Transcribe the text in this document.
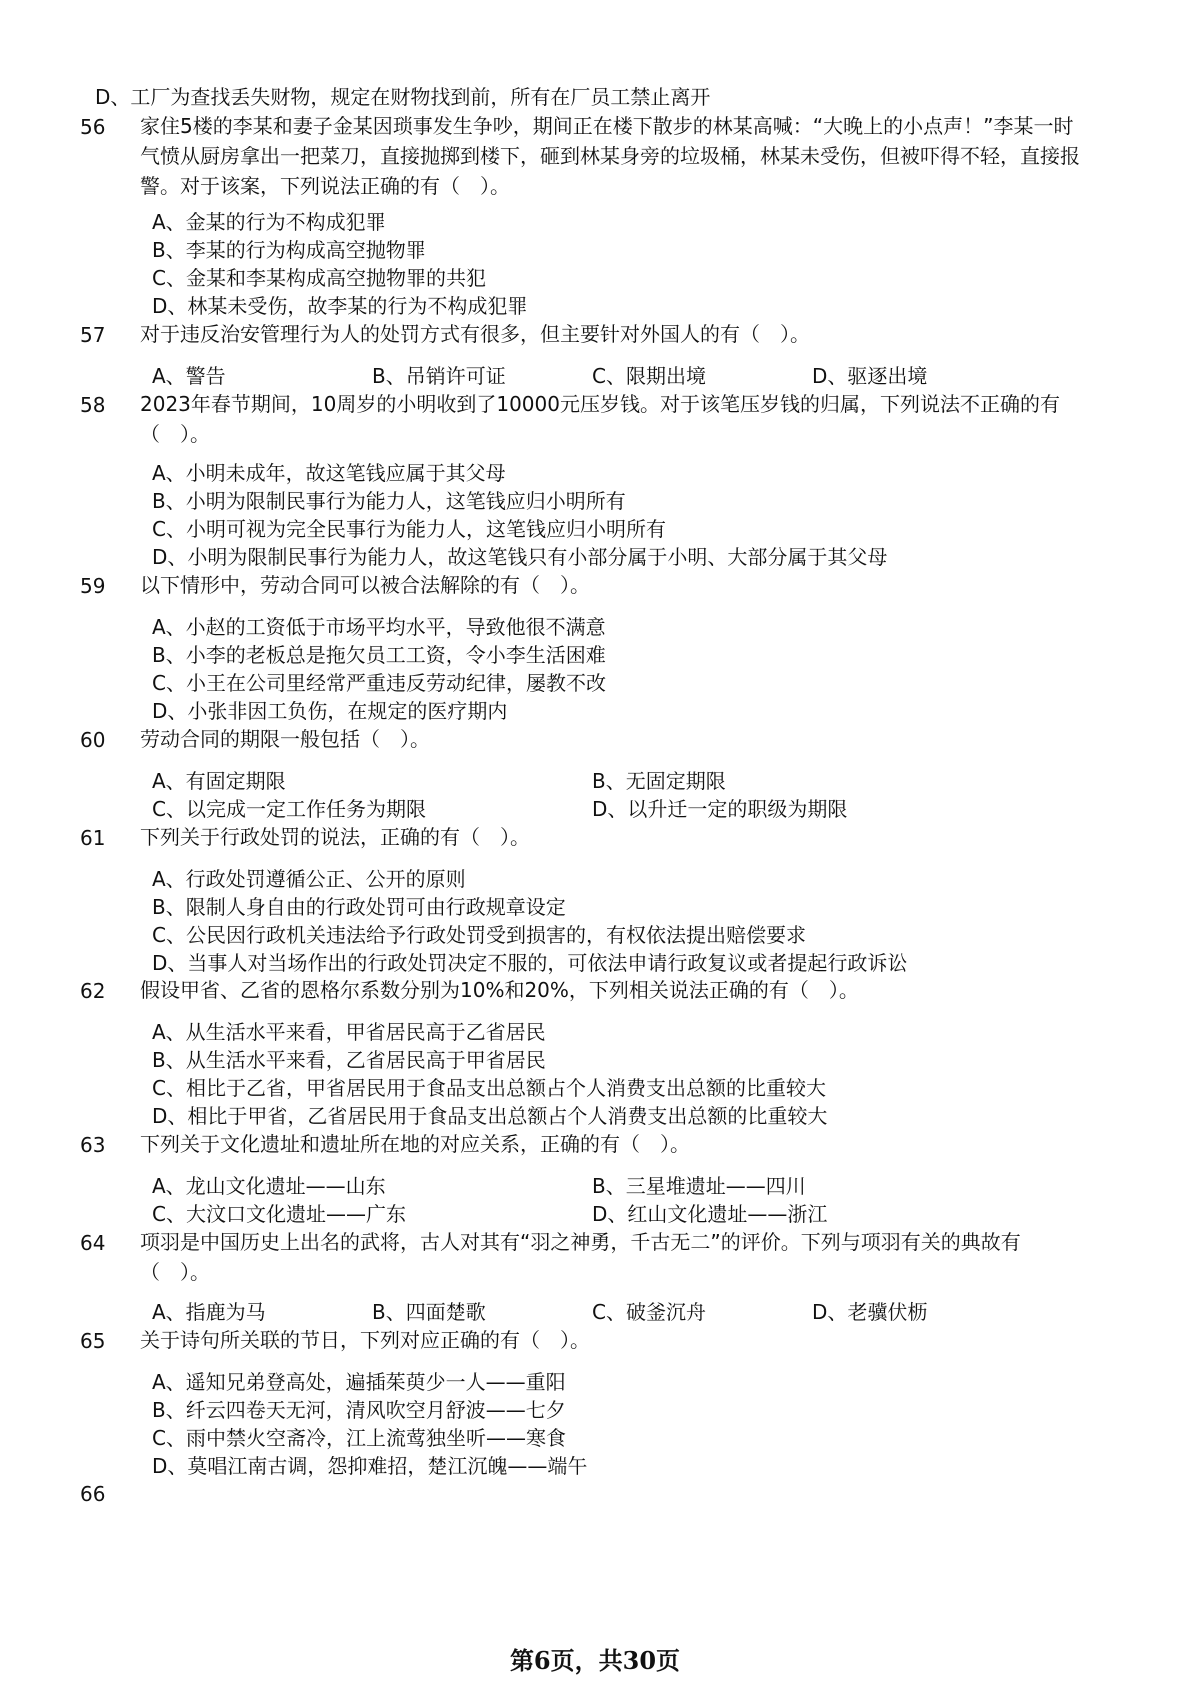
D、工厂为查找丢失财物，规定在财物找到前，所有在厂员工禁止离开
56 家住5楼的李某和妻子金某因琐事发生争吵，期间正在楼下散步的林某高喊：“大晚上的小点声！”李某一时气愤从厨房拿出一把菜刀，直接抛掷到楼下，砸到林某身旁的垃圾桶，林某未受伤，但被吓得不轻，直接报警。对于该案，下列说法正确的有（　）。
A、金某的行为不构成犯罪
B、李某的行为构成高空抛物罪
C、金某和李某构成高空抛物罪的共犯
D、林某未受伤，故李某的行为不构成犯罪
57 对于违反治安管理行为人的处罚方式有很多，但主要针对外国人的有（　）。
A、警告	B、吊销许可证	C、限期出境	D、驱逐出境
58 2023年春节期间，10周岁的小明收到了10000元压岁钱。对于该笔压岁钱的归属，下列说法不正确的有（　）。
A、小明未成年，故这笔钱应属于其父母
B、小明为限制民事行为能力人，这笔钱应归小明所有
C、小明可视为完全民事行为能力人，这笔钱应归小明所有
D、小明为限制民事行为能力人，故这笔钱只有小部分属于小明、大部分属于其父母
59 以下情形中，劳动合同可以被合法解除的有（　）。
A、小赵的工资低于市场平均水平，导致他很不满意
B、小李的老板总是拖欠员工工资，令小李生活困难
C、小王在公司里经常严重违反劳动纪律，屡教不改
D、小张非因工负伤，在规定的医疗期内
60 劳动合同的期限一般包括（　）。
A、有固定期限	B、无固定期限
C、以完成一定工作任务为期限	D、以升迁一定的职级为期限
61 下列关于行政处罚的说法，正确的有（　）。
A、行政处罚遵循公正、公开的原则
B、限制人身自由的行政处罚可由行政规章设定
C、公民因行政机关违法给予行政处罚受到损害的，有权依法提出赔偿要求
D、当事人对当场作出的行政处罚决定不服的，可依法申请行政复议或者提起行政诉讼
62 假设甲省、乙省的恩格尔系数分别为10%和20%，下列相关说法正确的有（　）。
A、从生活水平来看，甲省居民高于乙省居民
B、从生活水平来看，乙省居民高于甲省居民
C、相比于乙省，甲省居民用于食品支出总额占个人消费支出总额的比重较大
D、相比于甲省，乙省居民用于食品支出总额占个人消费支出总额的比重较大
63 下列关于文化遗址和遗址所在地的对应关系，正确的有（　）。
A、龙山文化遗址——山东	B、三星堆遗址——四川
C、大汶口文化遗址——广东	D、红山文化遗址——浙江
64 项羽是中国历史上出名的武将，古人对其有“羽之神勇，千古无二”的评价。下列与项羽有关的典故有（　）。
A、指鹿为马	B、四面楚歌	C、破釜沉舟	D、老骥伏枥
65 关于诗句所关联的节日，下列对应正确的有（　）。
A、遥知兄弟登高处，遍插茱萸少一人——重阳
B、纤云四卷天无河，清风吹空月舒波——七夕
C、雨中禁火空斋冷，江上流莺独坐听——寒食
D、莫唱江南古调，怨抑难招，楚江沉魄——端午
66
第6页，共30页
